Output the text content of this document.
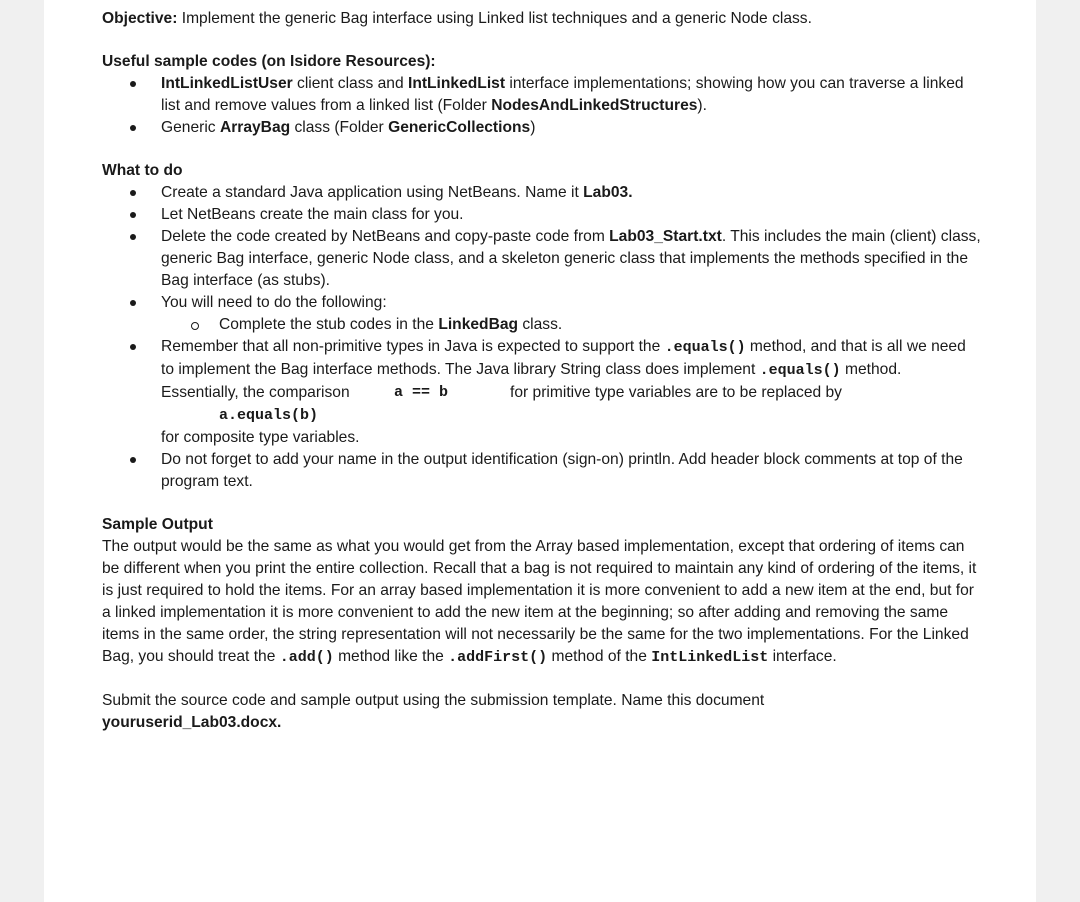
Objective: Implement the generic Bag interface using Linked list techniques and a generic Node class.

Useful sample codes (on Isidore Resources):

IntLinkedListUser client class and IntLinkedList interface implementations; showing how you can traverse a linked list and remove values from a linked list (Folder NodesAndLinkedStructures).
Generic ArrayBag class (Folder GenericCollections)

What to do

Create a standard Java application using NetBeans. Name it Lab03.
Let NetBeans create the main class for you.
Delete the code created by NetBeans and copy-paste code from Lab03_Start.txt. This includes the main (client) class, generic Bag interface, generic Node class, and a skeleton generic class that implements the methods specified in the Bag interface (as stubs).
You will need to do the following:
Complete the stub codes in the LinkedBag class.
Remember that all non-primitive types in Java is expected to support the .equals() method, and that is all we need to implement the Bag interface methods. The Java library String class does implement .equals() method.
Essentially, the comparison	a == b	for primitive type variables are to be replaced by
a.equals(b)
for composite type variables.
Do not forget to add your name in the output identification (sign-on) println. Add header block comments at top of the program text.

Sample Output

The output would be the same as what you would get from the Array based implementation, except that ordering of items can be different when you print the entire collection. Recall that a bag is not required to maintain any kind of ordering of the items, it is just required to hold the items. For an array based implementation it is more convenient to add a new item at the end, but for a linked implementation it is more convenient to add the new item at the beginning; so after adding and removing the same items in the same order, the string representation will not necessarily be the same for the two implementations. For the Linked Bag, you should treat the .add() method like the .addFirst() method of the IntLinkedList interface.

Submit the source code and sample output using the submission template. Name this document

youruserid_Lab03.docx.
